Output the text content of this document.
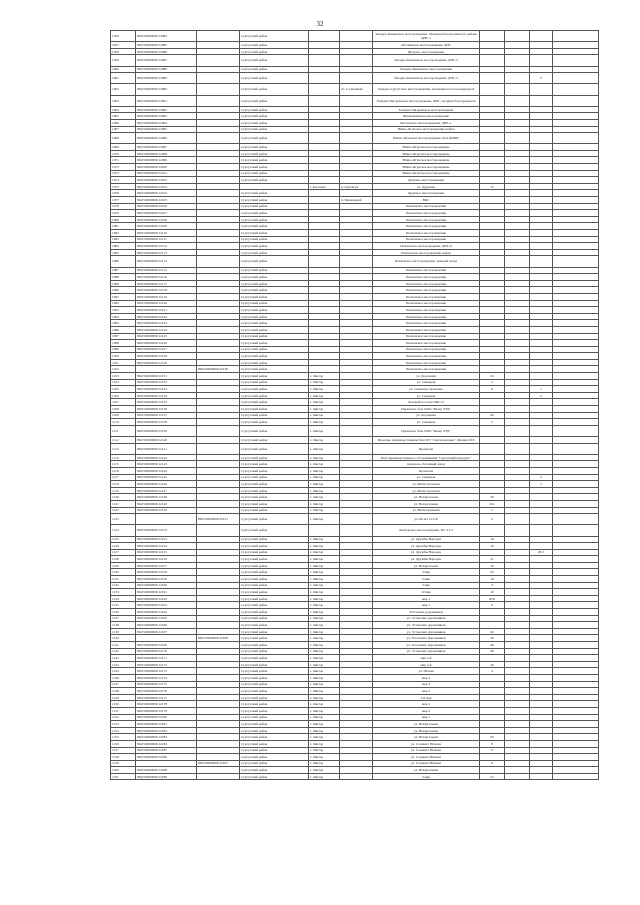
32
1056	86:03:0000000:12084		Сургутский район			Западно-Камынское месторождение. Опорная база промысла в районе ДНС-1				
1057	86:03:0000000:12085		Сургутский район			Ай-Пимское месторождение, ДНС				
1058	86:03:0000000:12086		Сургутский район			Шорское месторождение				
1059	86:03:0000000:12087		Сургутский район			Западно-Камынское месторождение, ДНС-2				
1060	86:03:0000000:12088		Сургутский район			Западно-Камынское месторождение				
1061	86:03:0000000:12089		Сургутский район			Западно-Камынское месторождение, ДНС-2			2	
1062	86:03:0000000:12090		Сургутский район		сп. Солнечный	Западно-Сургутское месторождение, пожарная часть на коридорах				
1063	86:03:0000000:12091		Сургутский район			Западно-Чигоринское месторождение, ДНС, опорная база промысла				
1064	86:03:0000000:12092		Сургутский район			Западно-Чигоринское месторождение				
1065	86:03:0000000:12093		Сургутский район			Жумалакинское месторождение				
1066	86:03:0000000:12094		Сургутский район			Биттемское месторождение, ДНС-1				
1067	86:03:0000000:12095		Сургутский район			Южно-Ягунское месторождение нефти				
1068	86:03:0000000:12096		Сургутский район			Южно-Ягунское месторождение, база ЦППН				
1069	86:03:0000000:12097		Сургутский район			Южно-Ягунское месторождение				
1070	86:03:0000000:12098		Сургутский район			Южно-Ягунское месторождение				
1071	86:03:0000000:12099		Сургутский район			Южно-Ягунское месторождение				
1072	86:03:0000000:12100		Сургутский район			Южно-Ягунское месторождение				
1073	86:03:0000000:12101		Сургутский район			Южно-Ягунское месторождение				
1074	86:03:0000000:12102		Сургутский район			Дружное месторождение				
1075	86:03:0000000:12103			г. Когалым	п. Ортъягун	ул. Дружная	15			
1076	86:03:0000000:12104		Сургутский район			Дружное месторождение				
1077	86:03:0000000:12105		Сургутский район		п. Пионерный	ВКС				
1078	86:03:0000000:12106		Сургутский район			Повховское месторождение				
1079	86:03:0000000:12107		Сургутский район			Повховское месторождение				
1080	86:03:0000000:12108		Сургутский район			Повховское месторождение				
1081	86:03:0000000:12109		Сургутский район			Повховское месторождение				
1082	86:03:0000000:12110		Сургутский район			Повховское месторождение				
1083	86:03:0000000:12111		Сургутский район			Повховское месторождение				
1084	86:03:0000000:12112		Сургутский район			Повховское месторождение, ДНС-6				
1085	86:03:0000000:12113		Сургутский район			Повховское месторождение нефти				
1086	86:03:0000000:12114		Сургутский район			Повховское месторождение, цеховой склад				
1087	86:03:0000000:12115		Сургутский район			Повховское месторождение				
1088	86:03:0000000:12116		Сургутский район			Повховское месторождение				
1089	86:03:0000000:12117		Сургутский район			Повховское месторождение				
1090	86:03:0000000:12118		Сургутский район			Повховское месторождение				
1091	86:03:0000000:12119		Сургутский район			Повховское месторождение				
1092	86:03:0000000:12120		Сургутский район			Повховское месторождение				
1093	86:03:0000000:12121		Сургутский район			Повховское месторождение				
1094	86:03:0000000:12122		Сургутский район			Повховское месторождение				
1095	86:03:0000000:12123		Сургутский район			Повховское месторождение				
1096	86:03:0000000:12124		Сургутский район			Повховское месторождение				
1097	86:03:0000000:12125		Сургутский район			Повховское месторождение				
1098	86:03:0000000:12126		Сургутский район			Повховское месторождение				
1099	86:03:0000000:12127		Сургутский район			Повховское месторождение				
1100	86:03:0000000:12128		Сургутский район			Повховское месторождение				
1101	86:03:0000000:12129		Сургутский район			Повховское месторождение				
1102		86:03:0000000:12130	Сургутский район			Повховское месторождение				
1103	86:03:0000000:12131		Сургутский район	г. Лянтор		ул. Дорожная	24			
1104	86:03:0000000:12132		Сургутский район	г. Лянтор		ул. Северная	3			
1105	86:03:0000000:12133		Сургутский район	г. Лянтор		ул. Северная, промзона	8		1	
1106	86:03:0000000:12134		Сургутский район	г. Лянтор		ул. Северная			2	
1107	86:03:0000000:12135		Сургутский район	г. Лянтор		Базовый поселок МК-13				
1108	86:03:0000000:12136		Сургутский район	г. Лянтор		Промзона, база ООО "Бахер ЛТД"				
1109	86:03:0000000:12137		Сургутский район	г. Лянтор		ул. Дорожная	26			
1110	86:03:0000000:12138		Сургутский район	г. Лянтор		ул. Северная	3			
1111	86:03:0000000:12139		Сургутский район	г. Лянтор		Промзона, база ООО "Бахер ЛТД"				
1112	86:03:0000000:12140		Сургутский район	г. Лянтор		Проезды, производственная база ПЭ "Сантехналадка", Филиал №3				
1113	86:03:0000000:12141		Сургутский район	г. Лянтор		Промзона				
1114	86:03:0000000:12142		Сургутский район	г. Лянтор		База производственного обслуживания "Сургутнефтепродукт"				
1115	86:03:0000000:12143		Сургутский район	г. Лянтор		промзона, бетонный завод				
1116	86:03:0000000:12144		Сургутский район	г. Лянтор		Промзона				
1117	86:03:0000000:12145		Сургутский район	г. Лянтор		ул. Северная			5	
1118	86:03:0000000:12146		Сургутский район	г. Лянтор		ул. Магистральная			3	
1119	86:03:0000000:12147		Сургутский район	г. Лянтор		ул. Магистральная				
1120	86:03:0000000:12148		Сургутский район	г. Лянтор		ул. Назаргалеева	36			
1121	86:03:0000000:12149		Сургутский район	г. Лянтор		ул. Назаргалеева	22а			
1122	86:03:0000000:12150		Сургутский район	г. Лянтор		ул. Магистральная	1			
1123		86:03:0000000:12151	Сургутский район	г. Лянтор		ул. 60 лет СССР	5			
1124	86:03:0000000:12152		Сургутский район			Лянторское месторождение, КС-3.1.2				
1125	86:03:0000000:12153		Сургутский район	г. Лянтор		ул. Дружбы Народов	16			
1126	86:03:0000000:12154		Сургутский район	г. Лянтор		ул. Дружбы Народов	19			
1127	86:03:0000000:12155		Сургутский район	г. Лянтор		ул. Дружбы Народов			29/1	
1128	86:03:0000000:12156		Сургутский район	г. Лянтор		ул. Дружбы Народов	21			
1129	86:03:0000000:12157		Сургутский район	г. Лянтор		ул. Назаргалеева	10			
1130	86:03:0000000:12158		Сургутский район	г. Лянтор		2 мкр	45			
1131	86:03:0000000:12159		Сургутский район	г. Лянтор		2 мкр	10			
1132	86:03:0000000:12160		Сургутский район	г. Лянтор		3 мкр	3			
1133	86:03:0000000:12161		Сургутский район	г. Лянтор		10 мкр	10			
1134	86:03:0000000:12162		Сургутский район	г. Лянтор		мкр 1	81Б			
1135	86:03:0000000:12163		Сургутский район	г. Лянтор		мкр 1	9			
1136	86:03:0000000:12164		Сургутский район	г. Лянтор		Эстонских дорожников				
1137	86:03:0000000:12165		Сургутский район	г. Лянтор		ул. Эстонских дорожников				
1138	86:03:0000000:12166		Сургутский район	г. Лянтор		ул. Эстонских дорожников				
1139	86:03:0000000:12167		Сургутский район	г. Лянтор		ул. Эстонских дорожников	40			
1140		86:03:0000000:12168	Сургутский район	г. Лянтор		ул. Эстонских Дорожников	39			
1141	86:03:0000000:12169		Сургутский район	г. Лянтор		ул. Эстонских Дорожников	48			
1142	86:03:0000000:12170		Сургутский район	г. Лянтор		ул. Эстонских дорожников	48			
1143	86:03:0000000:12171		Сургутский район	г. Лянтор		мкр 2-й				
1144	86:03:0000000:12172		Сургутский район	г. Лянтор		мкр 2-й	26			
1145	86:03:0000000:12173		Сургутский район	г. Лянтор		ул. Летная	4			
1146	86:03:0000000:12174		Сургутский район	г. Лянтор		мкр 2				
1147	86:03:0000000:12175		Сургутский район	г. Лянтор		мкр 2				
1148	86:03:0000000:12176		Сургутский район	г. Лянтор		мкр 2				
1149	86:03:0000000:12177		Сургутский район	г. Лянтор		2-й мкр				
1150	86:03:0000000:12178		Сургутский район	г. Лянтор		мкр 2				
1151	86:03:0000000:12179		Сургутский район	г. Лянтор		мкр 2				
1152	86:03:0000000:12180		Сургутский район	г. Лянтор		мкр 1				
1153	86:03:0000000:12181		Сургутский район	г. Лянтор		ул. Назаргалеева				
1154	86:03:0000000:12182		Сургутский район	г. Лянтор		ул. Назаргалеева				
1155	86:03:0000000:12183		Сургутский район	г. Лянтор		ул. Назаргалеева	63			
1156	86:03:0000000:12184		Сургутский район	г. Лянтор		ул. Салавата Юлаева	8			
1157	86:03:0000000:12185		Сургутский район	г. Лянтор		ул. Салавата Юлаева	17			
1158	86:03:0000000:12186		Сургутский район	г. Лянтор		ул. Салавата Юлаева				
1159		86:03:0000000:12187	Сургутский район	г. Лянтор		ул. Салавата Юлаева	6			
1160	86:03:0000000:12188		Сургутский район	г. Лянтор		ул. Назаргалеева				
1161	86:03:0000000:12189		Сургутский район	г. Лянтор		4 мкр	24			
